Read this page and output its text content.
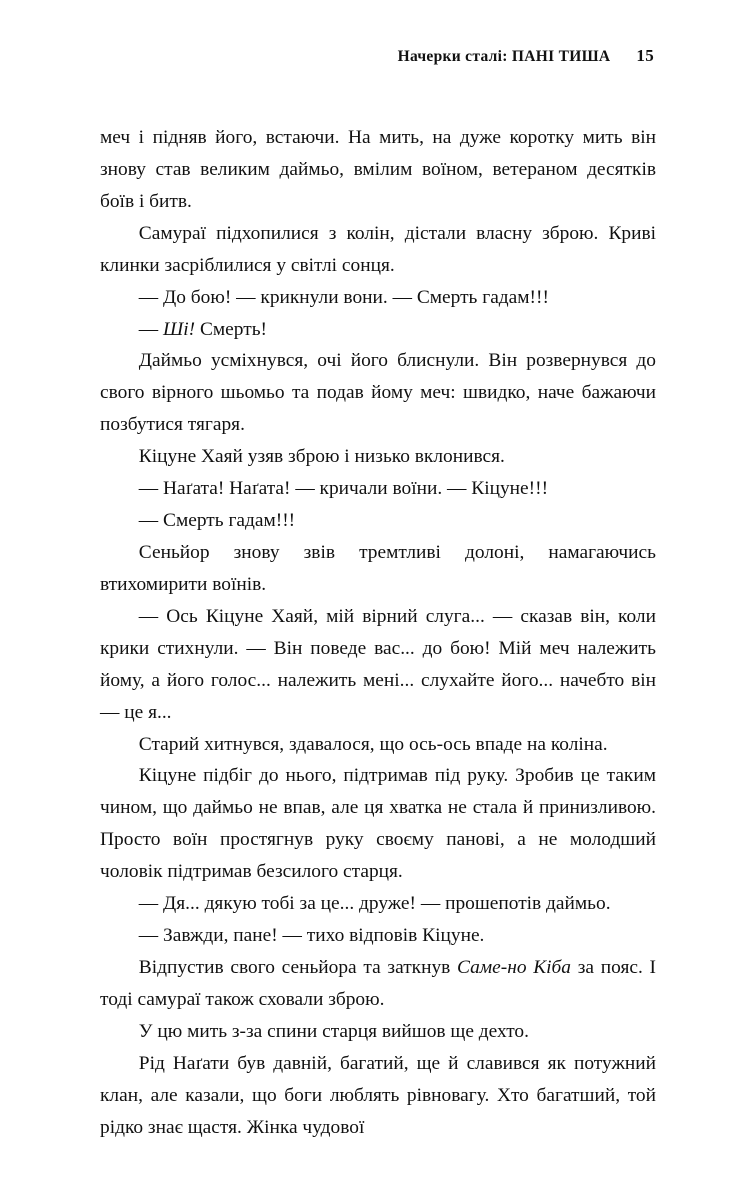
Начерки сталі: ПАНІ ТИША 15

меч і підняв його, встаючи. На мить, на дуже коротку мить він знову став великим даймьо, вмілим воїном, ветераном десятків боїв і битв.

Самураї підхопилися з колін, дістали власну зброю. Криві клинки засріблилися у світлі сонця.

— До бою! — крикнули вони. — Смерть гадам!!!

— Ші! Смерть!

Даймьо усміхнувся, очі його блиснули. Він розвернувся до свого вірного шьомьо та подав йому меч: швидко, наче бажаючи позбутися тягаря.

Кіцуне Хаяй узяв зброю і низько вклонився.

— Наґата! Наґата! — кричали воїни. — Кіцуне!!!

— Смерть гадам!!!

Сеньйор знову звів тремтливі долоні, намагаючись втихомирити воїнів.

— Ось Кіцуне Хаяй, мій вірний слуга... — сказав він, коли крики стихнули. — Він поведе вас... до бою! Мій меч належить йому, а його голос... належить мені... слухайте його... начебто він — це я...

Старий хитнувся, здавалося, що ось-ось впаде на коліна.

Кіцуне підбіг до нього, підтримав під руку. Зробив це таким чином, що даймьо не впав, але ця хватка не стала й принизливою. Просто воїн простягнув руку своєму панові, а не молодший чоловік підтримав безсилого старця.

— Дя... дякую тобі за це... друже! — прошепотів даймьо.

— Завжди, пане! — тихо відповів Кіцуне.

Відпустив свого сеньйора та заткнув Саме-но Кіба за пояс. І тоді самураї також сховали зброю.

У цю мить з-за спини старця вийшов ще дехто.

Рід Наґати був давній, багатий, ще й славився як потужний клан, але казали, що боги люблять рівновагу. Хто багатший, той рідко знає щастя. Жінка чудової
